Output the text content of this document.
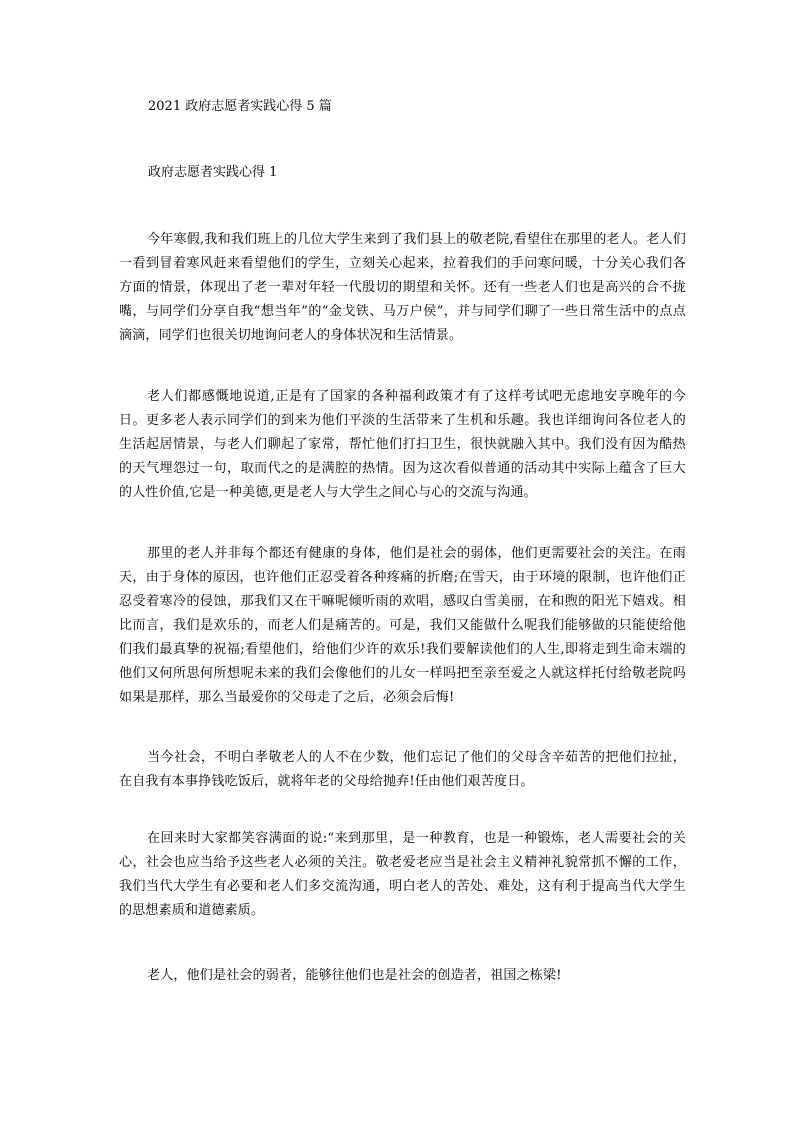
2021 政府志愿者实践心得 5 篇
政府志愿者实践心得 1

今年寒假,我和我们班上的几位大学生来到了我们县上的敬老院,看望住在那里的老人。老人们一看到冒着寒风赶来看望他们的学生，立刻关心起来，拉着我们的手问寒问暖，十分关心我们各方面的情景，体现出了老一辈对年轻一代殷切的期望和关怀。还有一些老人们也是高兴的合不拢嘴，与同学们分享自我“想当年”的“金戈铁、马万户侯”，并与同学们聊了一些日常生活中的点点滴滴，同学们也很关切地询问老人的身体状况和生活情景。

老人们都感慨地说道,正是有了国家的各种福利政策才有了这样考试吧无虑地安享晚年的今日。更多老人表示同学们的到来为他们平淡的生活带来了生机和乐趣。我也详细询问各位老人的生活起居情景，与老人们聊起了家常，帮忙他们打扫卫生，很快就融入其中。我们没有因为酷热的天气埋怨过一句，取而代之的是满腔的热情。因为这次看似普通的活动其中实际上蕴含了巨大的人性价值,它是一种美德,更是老人与大学生之间心与心的交流与沟通。

那里的老人并非每个都还有健康的身体，他们是社会的弱体，他们更需要社会的关注。在雨天，由于身体的原因，也许他们正忍受着各种疼痛的折磨;在雪天，由于环境的限制，也许他们正忍受着寒冷的侵蚀，那我们又在干嘛呢倾听雨的欢唱，感叹白雪美丽，在和煦的阳光下嬉戏。相比而言，我们是欢乐的，而老人们是痛苦的。可是，我们又能做什么呢我们能够做的只能使给他们我们最真挚的祝福;看望他们，给他们少许的欢乐!我们要解读他们的人生,即将走到生命末端的他们又何所思何所想呢未来的我们会像他们的儿女一样吗把至亲至爱之人就这样托付给敬老院吗如果是那样，那么当最爱你的父母走了之后，必须会后悔!

当今社会，不明白孝敬老人的人不在少数，他们忘记了他们的父母含辛茹苦的把他们拉扯，在自我有本事挣钱吃饭后，就将年老的父母给抛弃!任由他们艰苦度日。

在回来时大家都笑容满面的说:“来到那里，是一种教育，也是一种锻炼，老人需要社会的关心，社会也应当给予这些老人必须的关注。敬老爱老应当是社会主义精神礼貌常抓不懈的工作，我们当代大学生有必要和老人们多交流沟通，明白老人的苦处、难处，这有利于提高当代大学生的思想素质和道德素质。

老人，他们是社会的弱者，能够往他们也是社会的创造者，祖国之栋梁!
